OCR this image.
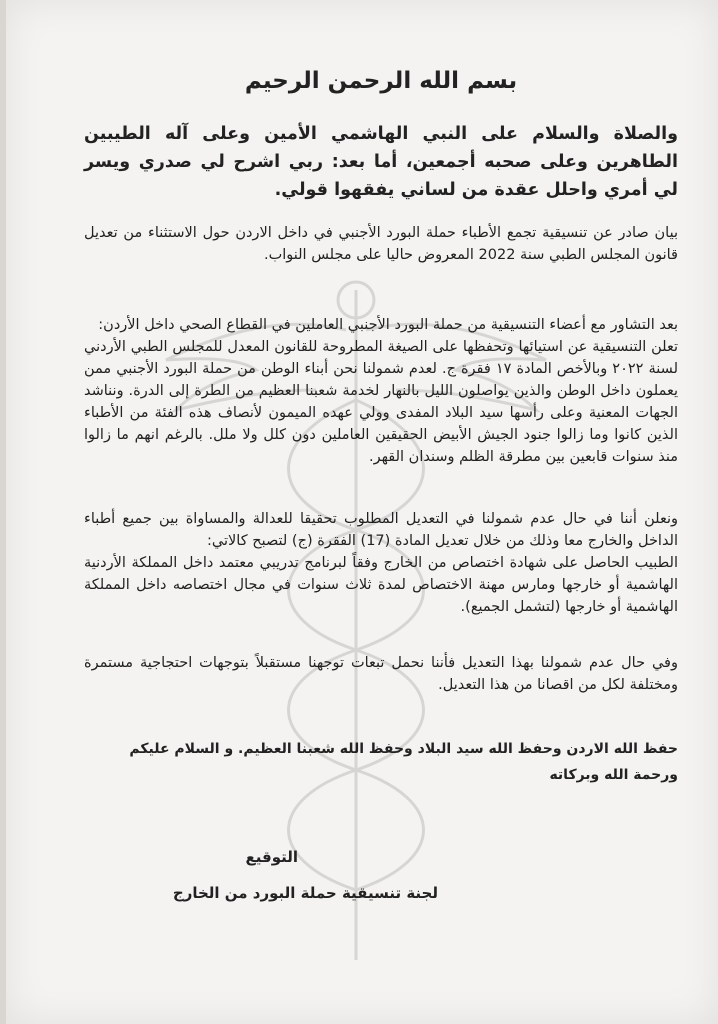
بسم الله الرحمن الرحيم

والصلاة والسلام على النبي الهاشمي الأمين وعلى آله الطيبين الطاهرين وعلى صحبه أجمعين، أما بعد: ربي اشرح لي صدري ويسر لي أمري واحلل عقدة من لساني يفقهوا قولي.

بيان صادر عن تنسيقية تجمع الأطباء حملة البورد الأجنبي في داخل الاردن حول الاستثناء من تعديل قانون المجلس الطبي سنة 2022 المعروض حاليا على مجلس النواب.

بعد التشاور مع أعضاء التنسيقية من حملة البورد الأجنبي العاملين في القطاع الصحي داخل الأردن:

تعلن التنسيقية عن استيائها وتحفظها على الصيغة المطروحة للقانون المعدل للمجلس الطبي الأردني لسنة ٢٠٢٢ وبالأخص المادة ١٧ فقرة ج. لعدم شمولنا نحن أبناء الوطن من حملة البورد الأجنبي ممن يعملون داخل الوطن والذين يواصلون الليل بالنهار لخدمة شعبنا العظيم من الطرة إلى الدرة. ونناشد الجهات المعنية وعلى رأسها سيد البلاد المفدى وولي عهده الميمون لأنصاف هذه الفئة من الأطباء الذين كانوا وما زالوا جنود الجيش الأبيض الحقيقين العاملين دون كلل ولا ملل. بالرغم انهم ما زالوا منذ سنوات قابعين بين مطرقة الظلم وسندان القهر.

ونعلن أننا في حال عدم شمولنا في التعديل المطلوب تحقيقا للعدالة والمساواة بين جميع أطباء الداخل والخارج معا وذلك من خلال تعديل المادة (17) الفقرة (ج) لتصبح كالاتي:

الطبيب الحاصل على شهادة اختصاص من الخارج وفقاً لبرنامج تدريبي معتمد داخل المملكة الأردنية الهاشمية أو خارجها ومارس مهنة الاختصاص لمدة ثلاث سنوات في مجال اختصاصه داخل المملكة الهاشمية أو خارجها (لتشمل الجميع).

وفي حال عدم شمولنا بهذا التعديل فأننا نحمل تبعات توجهنا مستقبلاً بتوجهات احتجاجية مستمرة ومختلفة لكل من اقصانا من هذا التعديل.

حفظ الله الاردن وحفظ الله سيد البلاد وحفظ الله شعبنا العظيم. و السلام عليكم ورحمة الله وبركاته

التوقيع

لجنة تنسيقية حملة البورد من الخارج
